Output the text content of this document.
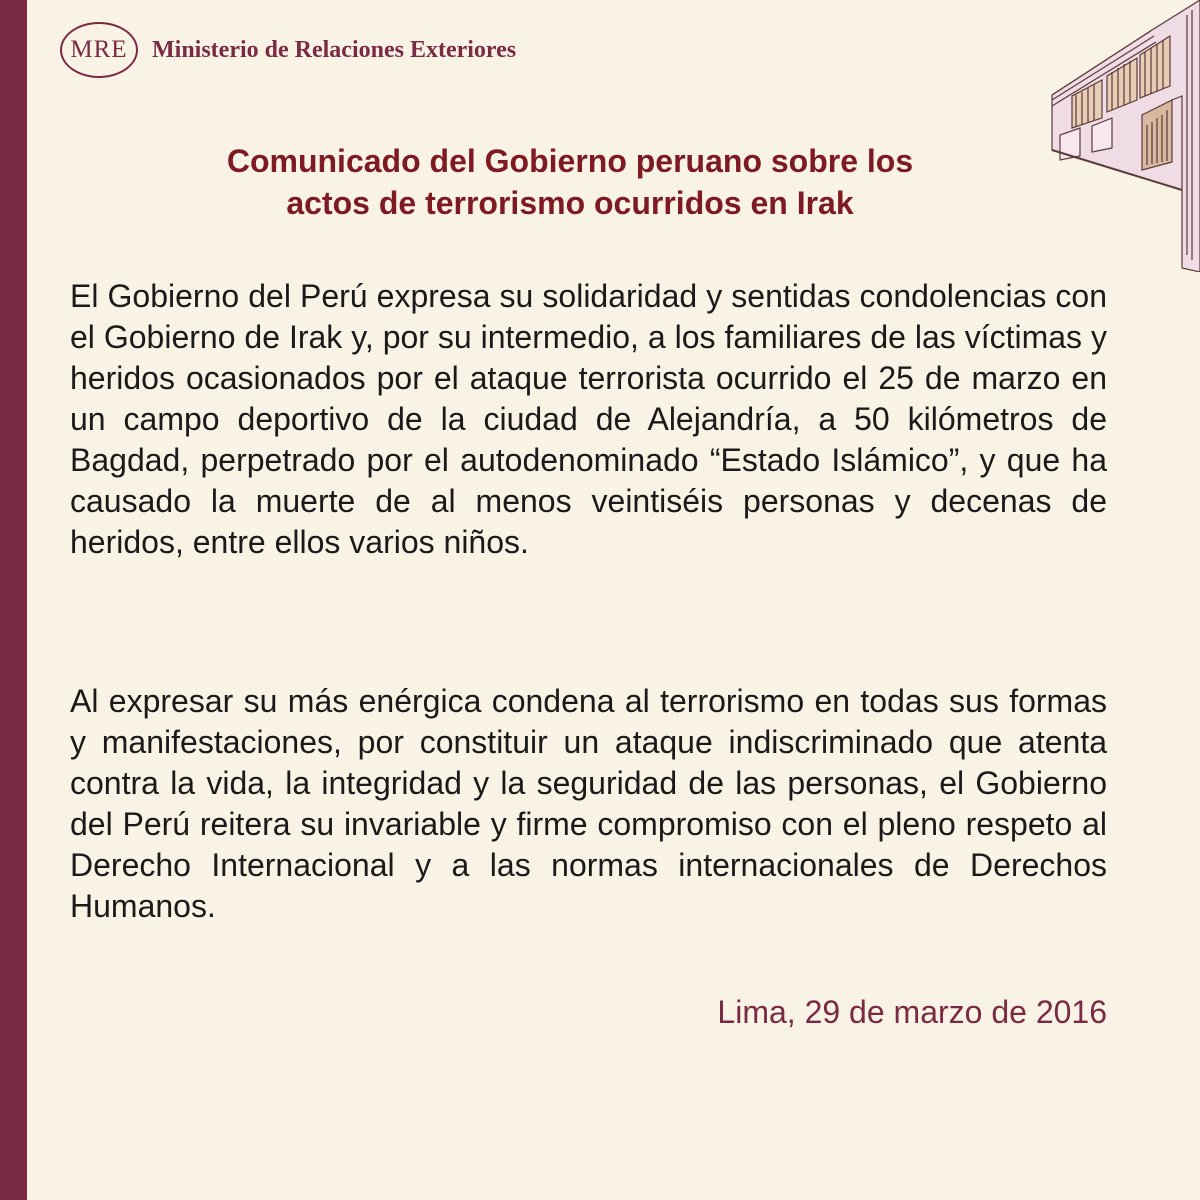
MRE Ministerio de Relaciones Exteriores
Comunicado del Gobierno peruano sobre los
actos de terrorismo ocurridos en Irak

El Gobierno del Perú expresa su solidaridad y sentidas condolencias con el Gobierno de Irak y, por su intermedio, a los familiares de las víctimas y heridos ocasionados por el ataque terrorista ocurrido el 25 de marzo en un campo deportivo de la ciudad de Alejandría, a 50 kilómetros de Bagdad, perpetrado por el autodenominado “Estado Islámico”, y que ha causado la muerte de al menos veintiséis personas y decenas de heridos, entre ellos varios niños.

Al expresar su más enérgica condena al terrorismo en todas sus formas y manifestaciones, por constituir un ataque indiscriminado que atenta contra la vida, la integridad y la seguridad de las personas, el Gobierno del Perú reitera su invariable y firme compromiso con el pleno respeto al Derecho Internacional y a las normas internacionales de Derechos Humanos.

Lima, 29 de marzo de 2016
